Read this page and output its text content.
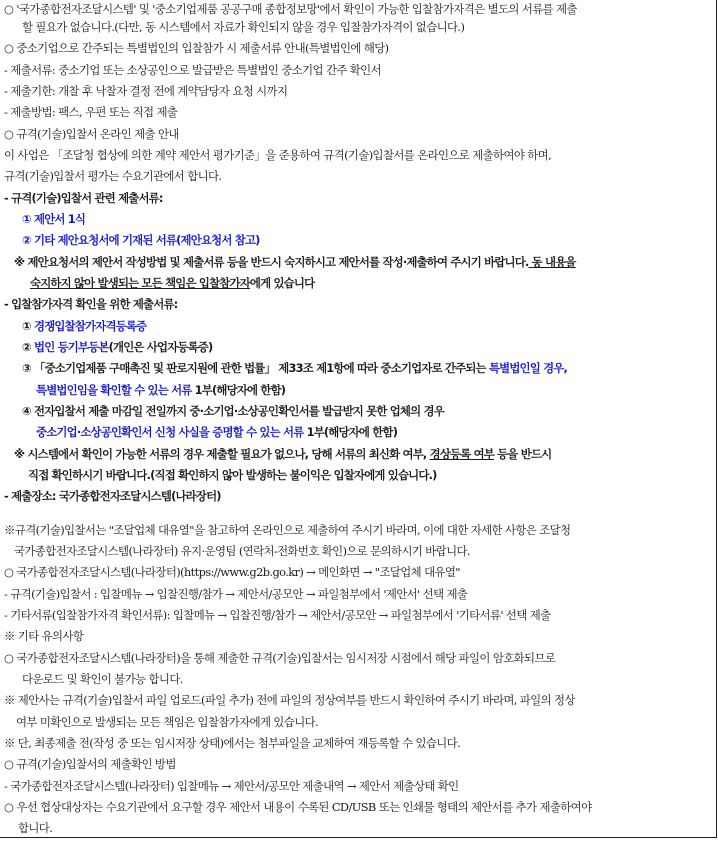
○ '국가종합전자조달시스템' 및 '중소기업제품 공공구매 종합정보망'에서 확인이 가능한 입찰참가자격은 별도의 서류를 제출
할 필요가 없습니다.(다만, 동 시스템에서 자료가 확인되지 않을 경우 입찰참가자격이 없습니다.)
○ 중소기업으로 간주되는 특별법인의 입찰참가 시 제출서류 안내(특별법인에 해당)
- 제출서류: 중소기업 또는 소상공인으로 발급받은 특별법인 중소기업 간주 확인서
- 제출기한: 개찰 후 낙찰자 결정 전에 계약담당자 요청 시까지
- 제출방법: 팩스, 우편 또는 직접 제출
○ 규격(기술)입찰서 온라인 제출 안내
이 사업은 「조달청 협상에 의한 계약 제안서 평가기준」을 준용하여 규격(기술)입찰서를 온라인으로 제출하여야 하며,
규격(기술)입찰서 평가는 수요기관에서 합니다.
- 규격(기술)입찰서 관련 제출서류:
① 제안서 1식
② 기타 제안요청서에 기재된 서류(제안요청서 참고)
※ 제안요청서의 제안서 작성방법 및 제출서류 등을 반드시 숙지하시고 제안서를 작성·제출하여 주시기 바랍니다. 동 내용을
숙지하지 않아 발생되는 모든 책임은 입찰참가자에게 있습니다
- 입찰참가자격 확인을 위한 제출서류:
① 경쟁입찰참가자격등록증
② 법인 등기부등본(개인은 사업자등록증)
③ 「중소기업제품 구매촉진 및 판로지원에 관한 법률」 제33조 제1항에 따라 중소기업자로 간주되는 특별법인일 경우,
특별법인임을 확인할 수 있는 서류 1부(해당자에 한함)
④ 전자입찰서 제출 마감일 전일까지 중·소기업·소상공인확인서를 발급받지 못한 업체의 경우
중소기업·소상공인확인서 신청 사실을 증명할 수 있는 서류 1부(해당자에 한함)
※ 시스템에서 확인이 가능한 서류의 경우 제출할 필요가 없으나, 당해 서류의 최신화 여부, 경상등록 여부 등을 반드시
직접 확인하시기 바랍니다.(직접 확인하지 않아 발생하는 불이익은 입찰자에게 있습니다.)
- 제출장소: 국가종합전자조달시스템(나라장터)
※규격(기술)입찰서는 "조달업체 대유열"을 참고하여 온라인으로 제출하여 주시기 바라며, 이에 대한 자세한 사항은 조달청
국가종합전자조달시스템(나라장터) 유지·운영팀 (연락처-전화번호 확인)으로 문의하시기 바랍니다.
○ 국가종합전자조달시스템(나라장터)(https://www.g2b.go.kr) → 메인화면 → "조달업체 대유열"
- 규격(기술)입찰서 : 입찰메뉴 → 입찰진행/참가 → 제안서/공모안 → 파일첨부에서 '제안서' 선택 제출
- 기타서류(입찰참가자격 확인서류): 입찰메뉴 → 입찰진행/참가 → 제안서/공모안 → 파일첨부에서 '기타서류' 선택 제출
※ 기타 유의사항
○ 국가종합전자조달시스템(나라장터)을 통해 제출한 규격(기술)입찰서는 임시저장 시점에서 해당 파일이 암호화되므로
다운로드 및 확인이 불가능 합니다.
※ 제안사는 규격(기술)입찰서 파일 업로드(파일 추가) 전에 파일의 정상여부를 반드시 확인하여 주시기 바라며, 파일의 정상
여부 미확인으로 발생되는 모든 책임은 입찰참가자에게 있습니다.
※ 단, 최종제출 전(작성 중 또는 임시저장 상태)에서는 첨부파일을 교체하여 재등록할 수 있습니다.
○ 규격(기술)입찰서의 제출확인 방법
- 국가종합전자조달시스템(나라장터) 입찰메뉴 → 제안서/공모안 제출내역 → 제안서 제출상태 확인
○ 우선 협상대상자는 수요기관에서 요구할 경우 제안서 내용이 수록된 CD/USB 또는 인쇄물 형태의 제안서를 추가 제출하여야
합니다.
